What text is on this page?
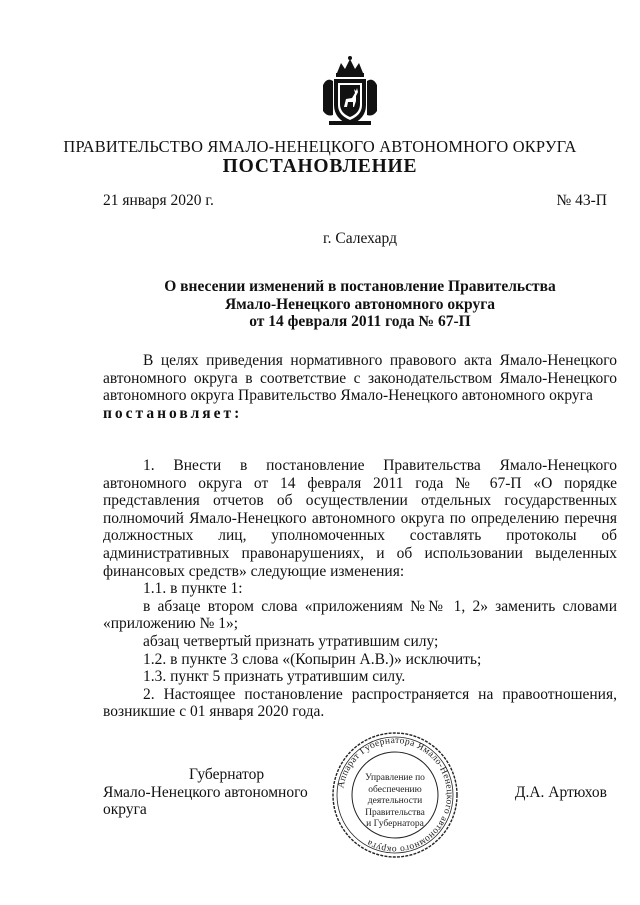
ПРАВИТЕЛЬСТВО ЯМАЛО-НЕНЕЦКОГО АВТОНОМНОГО ОКРУГА
ПОСТАНОВЛЕНИЕ
21 января 2020 г.	№ 43-П
г. Салехард
О внесении изменений в постановление Правительства
Ямало-Ненецкого автономного округа
от 14 февраля 2011 года № 67-П

В целях приведения нормативного правового акта Ямало-Ненецкого автономного округа в соответствие с законодательством Ямало-Ненецкого автономного округа Правительство Ямало-Ненецкого автономного округа

постановляет:

1. Внести в постановление Правительства Ямало-Ненецкого автономного округа от 14 февраля 2011 года № 67-П «О порядке представления отчетов об осуществлении отдельных государственных полномочий Ямало-Ненецкого автономного округа по определению перечня должностных лиц, уполномоченных составлять протоколы об административных правонарушениях, и об использовании выделенных финансовых средств» следующие изменения:

1.1. в пункте 1:

в абзаце втором слова «приложениям №№ 1, 2» заменить словами «приложению № 1»;

абзац четвертый признать утратившим силу;

1.2. в пункте 3 слова «(Копырин А.В.)» исключить;

1.3. пункт 5 признать утратившим силу.

2. Настоящее постановление распространяется на правоотношения, возникшие с 01 января 2020 года.

Аппарат Губернатора Ямало-Ненецкого автономного округа
Управление по
обеспечению
деятельности
Правительства
и Губернатора
Губернатор
Ямало-Ненецкого автономного округа
Д.А. Артюхов
